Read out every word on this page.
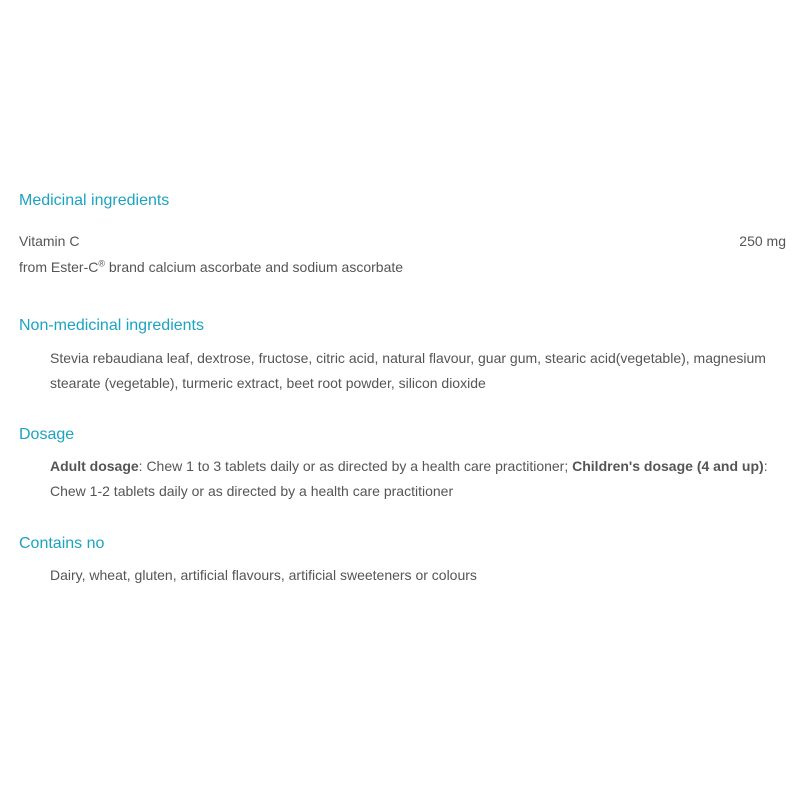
Medicinal ingredients
Vitamin C	250 mg
from Ester-C® brand calcium ascorbate and sodium ascorbate
Non-medicinal ingredients

Stevia rebaudiana leaf, dextrose, fructose, citric acid, natural flavour, guar gum, stearic acid(vegetable), magnesium stearate (vegetable), turmeric extract, beet root powder, silicon dioxide

Dosage

Adult dosage: Chew 1 to 3 tablets daily or as directed by a health care practitioner; Children's dosage (4 and up): Chew 1-2 tablets daily or as directed by a health care practitioner

Contains no

Dairy, wheat, gluten, artificial flavours, artificial sweeteners or colours
